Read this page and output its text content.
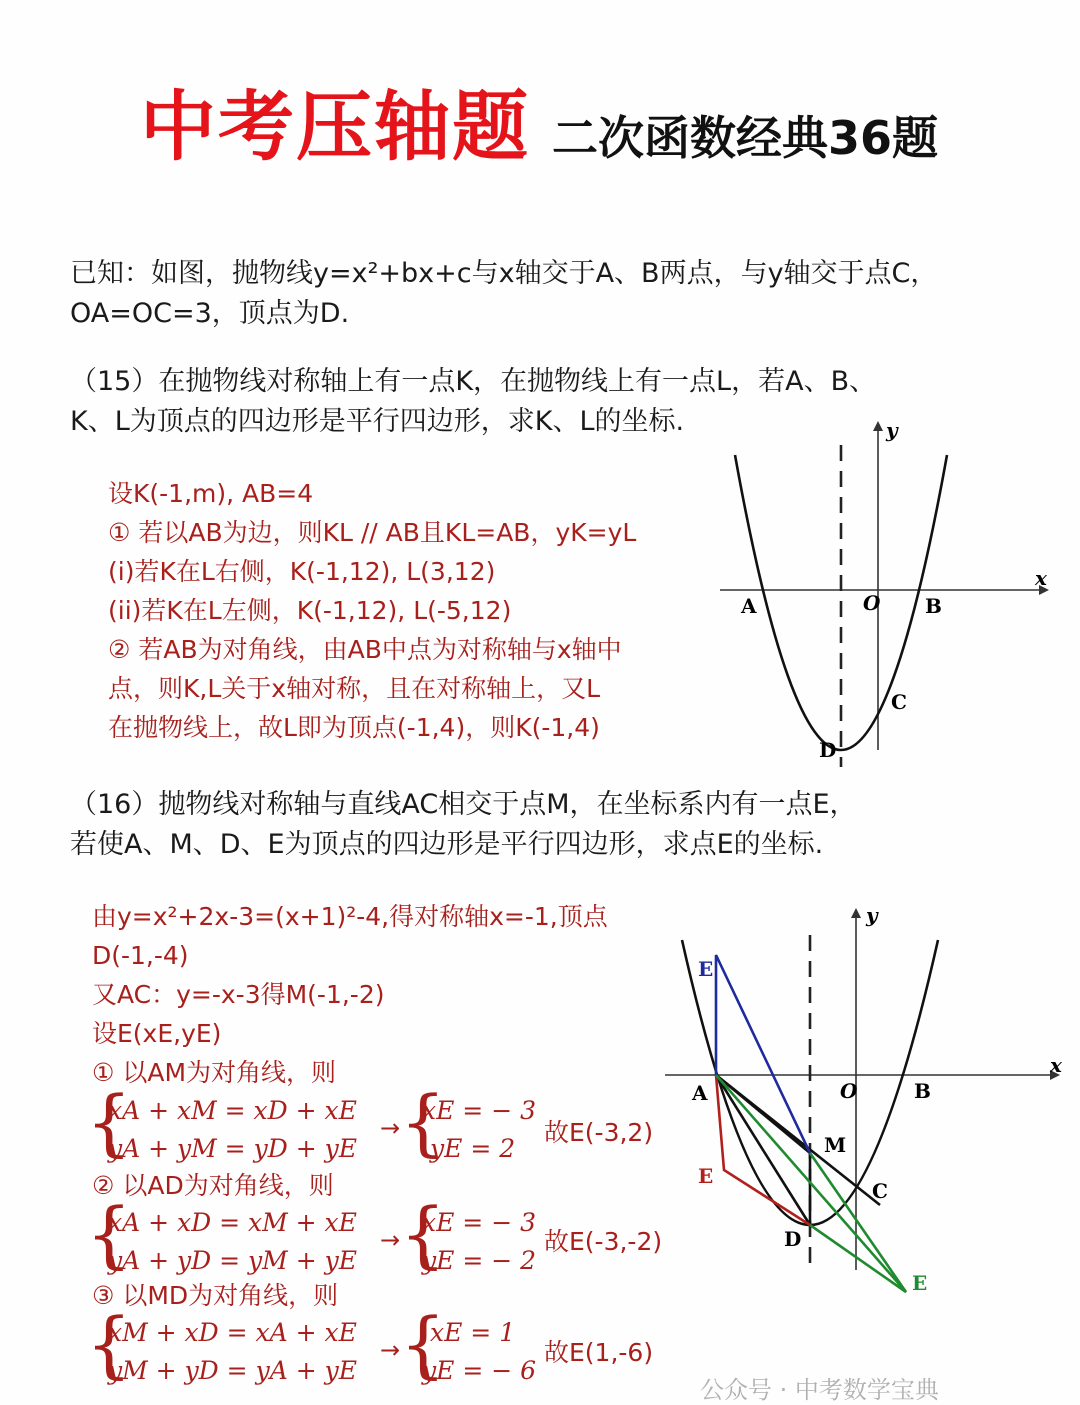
中考压轴题 二次函数经典36题
已知：如图，抛物线y=x²+bx+c与x轴交于A、B两点，与y轴交于点C，
OA=OC=3，顶点为D.
（15）在抛物线对称轴上有一点K，在抛物线上有一点L，若A、B、
K、L为顶点的四边形是平行四边形，求K、L的坐标.
设K(-1,m), AB=4
① 若以AB为边，则KL // AB且KL=AB，yK=yL
(i)若K在L右侧，K(-1,12), L(3,12)
(ii)若K在L左侧，K(-1,12), L(-5,12)
② 若AB为对角线，由AB中点为对称轴与x轴中
点，则K,L关于x轴对称，且在对称轴上，又L
在抛物线上，故L即为顶点(-1,4)，则K(-1,4)
y
x
A	O B
C
D
（16）抛物线对称轴与直线AC相交于点M，在坐标系内有一点E，
若使A、M、D、E为顶点的四边形是平行四边形，求点E的坐标.
由y=x²+2x-3=(x+1)²-4,得对称轴x=-1,顶点
D(-1,-4)
又AC：y=-x-3得M(-1,-2)
设E(xE,yE)
① 以AM为对角线，则
{
xA + xM = xD + xE
yA + yM = yD + yE
→ {
xE = − 3
yE = 2
故E(-3,2)
② 以AD为对角线，则
{
xA + xD = xM + xE
yA + yD = yM + yE
→ {
xE = − 3
yE = − 2
故E(-3,-2)
③ 以MD为对角线，则
{
xM + xD = xA + xE
yM + yD = yA + yE
→ {
xE = 1
yE = − 6
故E(1,-6)
y
x
A	O	B
M
C
D
E
E
E
公众号 · 中考数学宝典
